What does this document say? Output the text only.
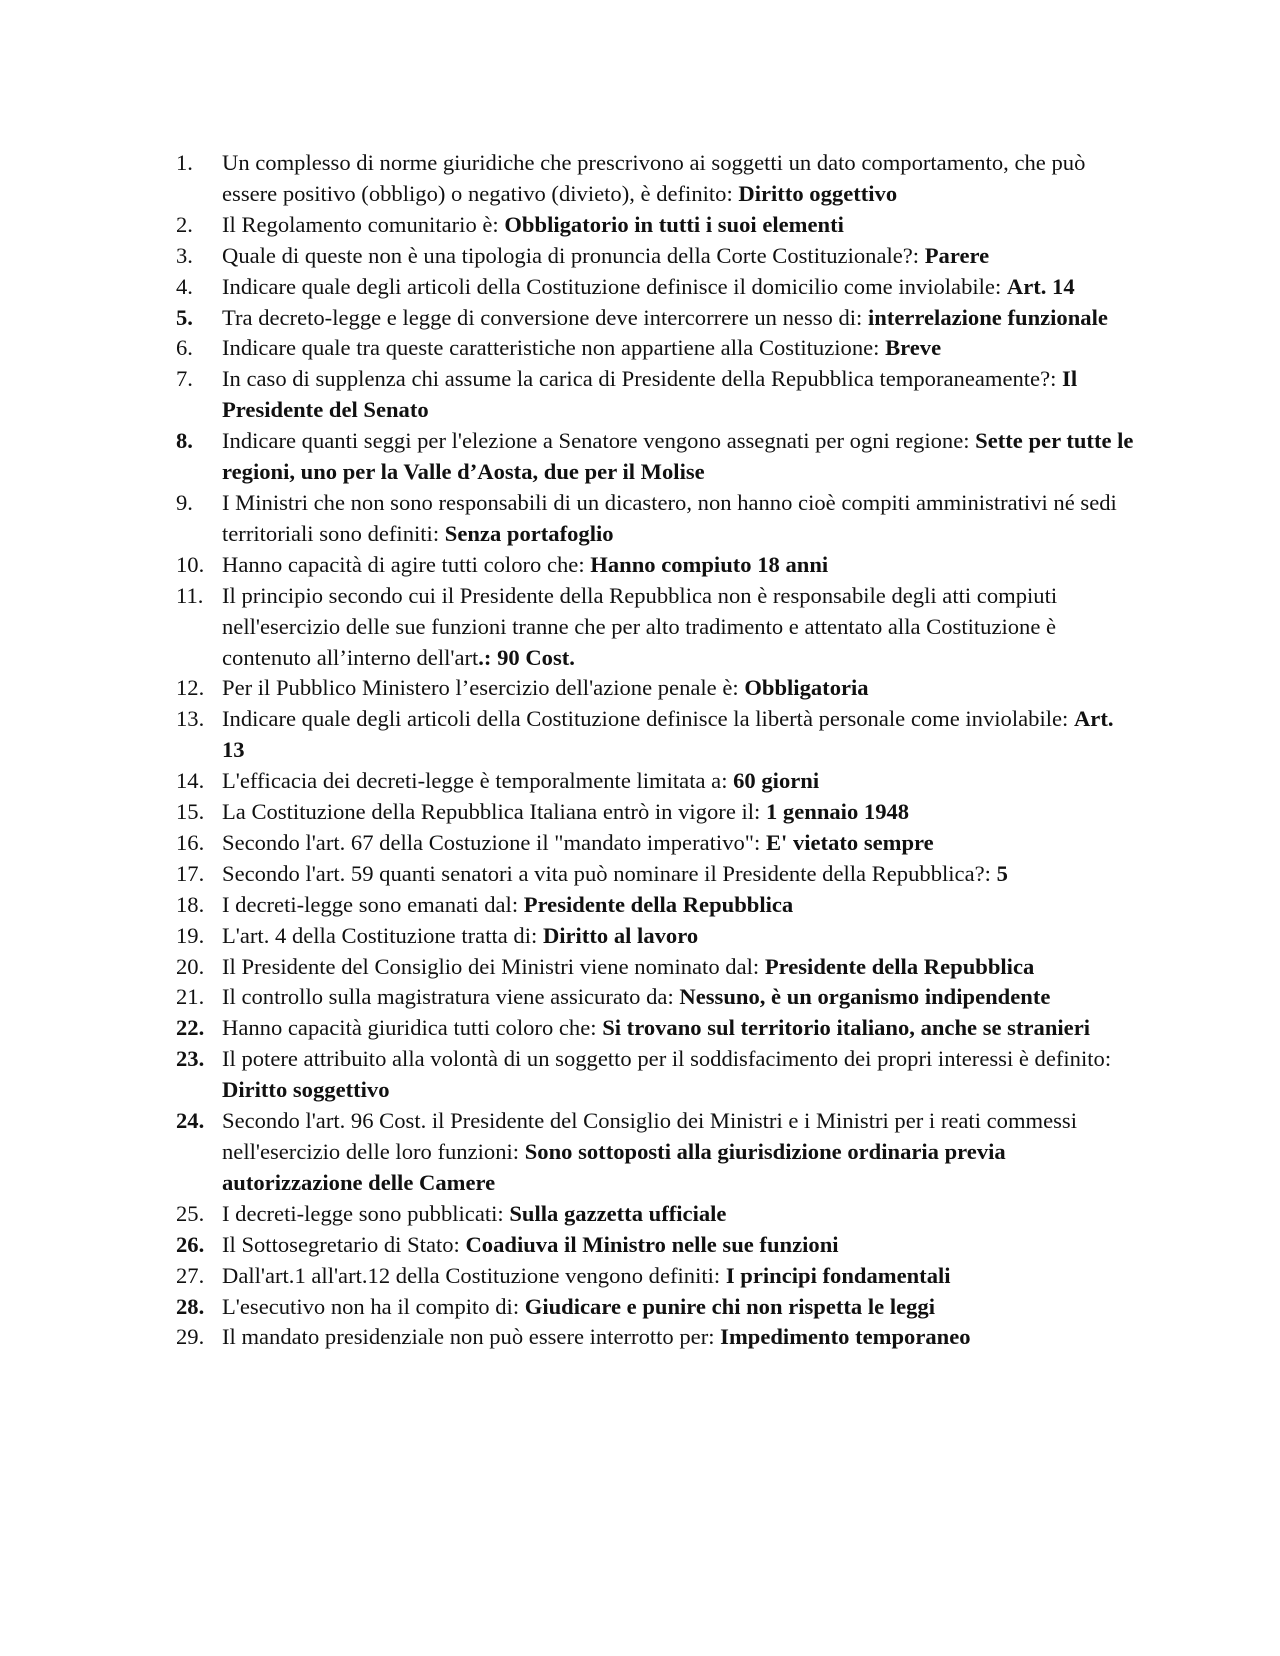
1.	Un complesso di norme giuridiche che prescrivono ai soggetti un dato comportamento, che può essere positivo (obbligo) o negativo (divieto), è definito: Diritto oggettivo
2.	Il Regolamento comunitario è: Obbligatorio in tutti i suoi elementi
3.	Quale di queste non è una tipologia di pronuncia della Corte Costituzionale?: Parere
4.	Indicare quale degli articoli della Costituzione definisce il domicilio come inviolabile: Art. 14
5.	Tra decreto-legge e legge di conversione deve intercorrere un nesso di: interrelazione funzionale
6.	Indicare quale tra queste caratteristiche non appartiene alla Costituzione: Breve
7.	In caso di supplenza chi assume la carica di Presidente della Repubblica temporaneamente?: Il Presidente del Senato
8.	Indicare quanti seggi per l'elezione a Senatore vengono assegnati per ogni regione: Sette per tutte le regioni, uno per la Valle d’Aosta, due per il Molise
9.	I Ministri che non sono responsabili di un dicastero, non hanno cioè compiti amministrativi né sedi territoriali sono definiti: Senza portafoglio
10. Hanno capacità di agire tutti coloro che: Hanno compiuto 18 anni
11. Il principio secondo cui il Presidente della Repubblica non è responsabile degli atti compiuti nell'esercizio delle sue funzioni tranne che per alto tradimento e attentato alla Costituzione è contenuto all’interno dell'art.: 90 Cost.
12. Per il Pubblico Ministero l’esercizio dell'azione penale è: Obbligatoria
13. Indicare quale degli articoli della Costituzione definisce la libertà personale come inviolabile: Art. 13
14. L'efficacia dei decreti-legge è temporalmente limitata a: 60 giorni
15. La Costituzione della Repubblica Italiana entrò in vigore il: 1 gennaio 1948
16. Secondo l'art. 67 della Costuzione il "mandato imperativo": E' vietato sempre
17. Secondo l'art. 59 quanti senatori a vita può nominare il Presidente della Repubblica?: 5
18. I decreti-legge sono emanati dal: Presidente della Repubblica
19. L'art. 4 della Costituzione tratta di: Diritto al lavoro
20. Il Presidente del Consiglio dei Ministri viene nominato dal: Presidente della Repubblica
21. Il controllo sulla magistratura viene assicurato da: Nessuno, è un organismo indipendente
22. Hanno capacità giuridica tutti coloro che: Si trovano sul territorio italiano, anche se stranieri
23. Il potere attribuito alla volontà di un soggetto per il soddisfacimento dei propri interessi è definito: Diritto soggettivo
24. Secondo l'art. 96 Cost. il Presidente del Consiglio dei Ministri e i Ministri per i reati commessi nell'esercizio delle loro funzioni: Sono sottoposti alla giurisdizione ordinaria previa autorizzazione delle Camere
25. I decreti-legge sono pubblicati: Sulla gazzetta ufficiale
26. Il Sottosegretario di Stato: Coadiuva il Ministro nelle sue funzioni
27. Dall'art.1 all'art.12 della Costituzione vengono definiti: I principi fondamentali
28. L'esecutivo non ha il compito di: Giudicare e punire chi non rispetta le leggi
29. Il mandato presidenziale non può essere interrotto per: Impedimento temporaneo
